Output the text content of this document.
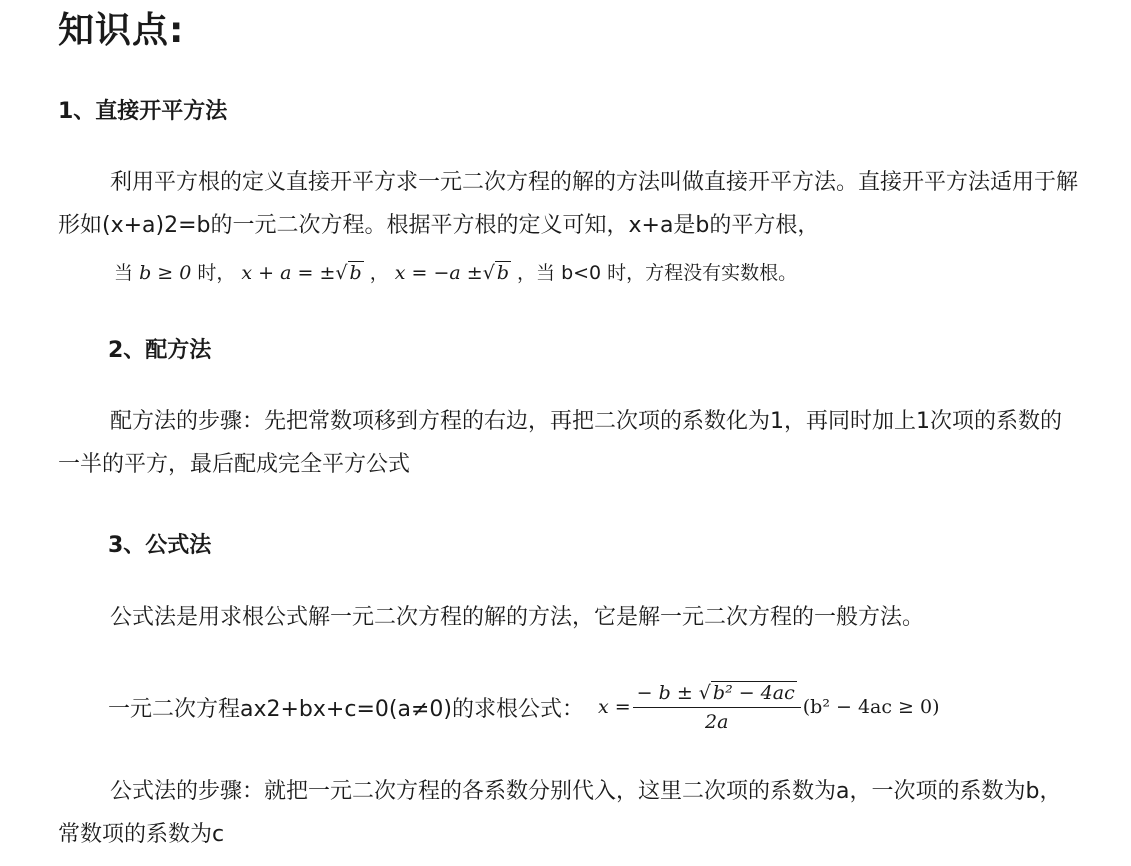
知识点:
1、直接开平方法

利用平方根的定义直接开平方求一元二次方程的解的方法叫做直接开平方法。直接开平方法适用于解形如(x+a)2=b的一元二次方程。根据平方根的定义可知，x+a是b的平方根，

当 b ≥ 0 时， x + a = ±√ b ， x = −a ±√ b ，当 b<0 时，方程没有实数根。
2、配方法

配方法的步骤：先把常数项移到方程的右边，再把二次项的系数化为1，再同时加上1次项的系数的一半的平方，最后配成完全平方公式

3、公式法

公式法是用求根公式解一元二次方程的解的方法，它是解一元二次方程的一般方法。

一元二次方程ax2+bx+c=0(a≠0)的求根公式： $x = \frac{\text{− b ± √ b² − 4ac}}{2a} (b^2 - 4ac \ge 0)$

公式法的步骤：就把一元二次方程的各系数分别代入，这里二次项的系数为a，一次项的系数为b，常数项的系数为c
